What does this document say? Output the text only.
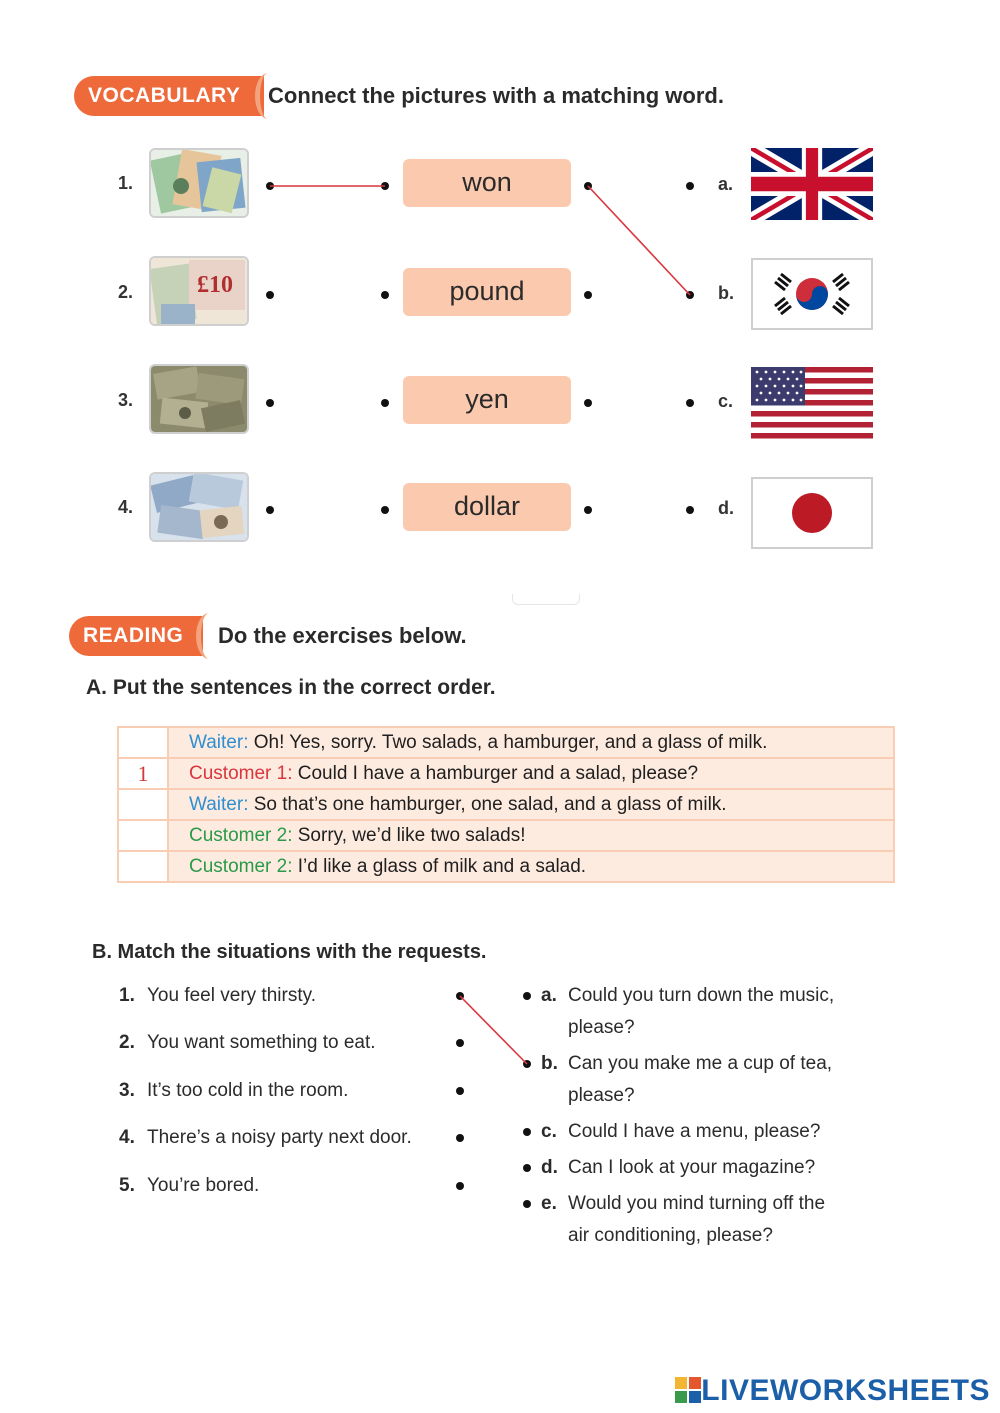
VOCABULARY	Connect the pictures with a matching word.
1.
2.
3.
4.
£10
won
pound
yen
dollar
a.
b.
c.
d.
READING	Do the exercises below.
A. Put the sentences in the correct order.
	Waiter: Oh! Yes, sorry. Two salads, a hamburger, and a glass of milk.
1	Customer 1: Could I have a hamburger and a salad, please?
	Waiter: So that’s one hamburger, one salad, and a glass of milk.
	Customer 2: Sorry, we’d like two salads!
	Customer 2: I’d like a glass of milk and a salad.
B. Match the situations with the requests.
1. You feel very thirsty.
2. You want something to eat.
3. It’s too cold in the room.
4. There’s a noisy party next door.
5. You’re bored.
a. Could you turn down the music,
please?
b. Can you make me a cup of tea,
please?
c. Could I have a menu, please?
d. Can I look at your magazine?
e. Would you mind turning off the
air conditioning, please?
LIVEWORKSHEETS
